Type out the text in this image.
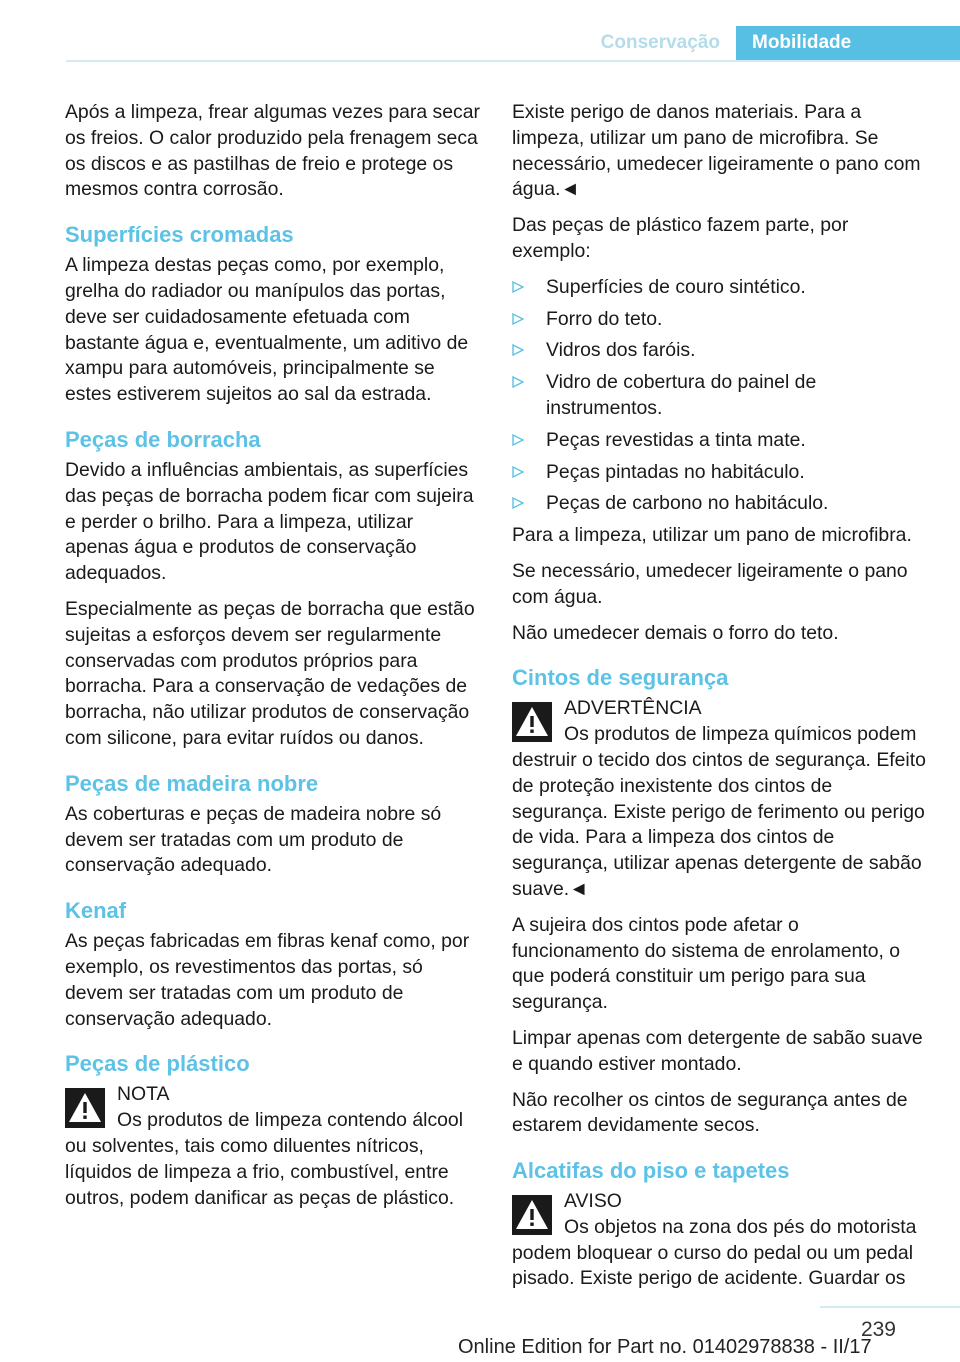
Conservação	Mobilidade

Após a limpeza, frear algumas vezes para secar os freios. O calor produzido pela frenagem seca os discos e as pastilhas de freio e protege os mesmos contra corrosão.

Superfícies cromadas

A limpeza destas peças como, por exemplo, grelha do radiador ou manípulos das portas, deve ser cuidadosamente efetuada com bastante água e, eventualmente, um aditivo de xampu para automóveis, principalmente se estes estiverem sujeitos ao sal da estrada.

Peças de borracha

Devido a influências ambientais, as superfícies das peças de borracha podem ficar com sujeira e perder o brilho. Para a limpeza, utilizar apenas água e produtos de conservação adequados.

Especialmente as peças de borracha que estão sujeitas a esforços devem ser regularmente conservadas com produtos próprios para borracha. Para a conservação de vedações de borracha, não utilizar produtos de conservação com silicone, para evitar ruídos ou danos.

Peças de madeira nobre

As coberturas e peças de madeira nobre só devem ser tratadas com um produto de conservação adequado.

Kenaf

As peças fabricadas em fibras kenaf como, por exemplo, os revestimentos das portas, só devem ser tratadas com um produto de conservação adequado.

Peças de plástico
NOTA
Os produtos de limpeza contendo álcool ou solventes, tais como diluentes nítricos, líquidos de limpeza a frio, combustível, entre outros, podem danificar as peças de plástico.

Existe perigo de danos materiais. Para a limpeza, utilizar um pano de microfibra. Se necessário, umedecer ligeiramente o pano com água.◄

Das peças de plástico fazem parte, por exemplo:

Superfícies de couro sintético.
Forro do teto.
Vidros dos faróis.
Vidro de cobertura do painel de instrumentos.
Peças revestidas a tinta mate.
Peças pintadas no habitáculo.
Peças de carbono no habitáculo.

Para a limpeza, utilizar um pano de microfibra.

Se necessário, umedecer ligeiramente o pano com água.

Não umedecer demais o forro do teto.

Cintos de segurança
ADVERTÊNCIA
Os produtos de limpeza químicos podem destruir o tecido dos cintos de segurança. Efeito de proteção inexistente dos cintos de segurança. Existe perigo de ferimento ou perigo de vida. Para a limpeza dos cintos de segurança, utilizar apenas detergente de sabão suave.◄

A sujeira dos cintos pode afetar o funcionamento do sistema de enrolamento, o que poderá constituir um perigo para sua segurança.

Limpar apenas com detergente de sabão suave e quando estiver montado.

Não recolher os cintos de segurança antes de estarem devidamente secos.

Alcatifas do piso e tapetes
AVISO
Os objetos na zona dos pés do motorista podem bloquear o curso do pedal ou um pedal pisado. Existe perigo de acidente. Guardar os
239
Online Edition for Part no. 01402978838 - II/17
